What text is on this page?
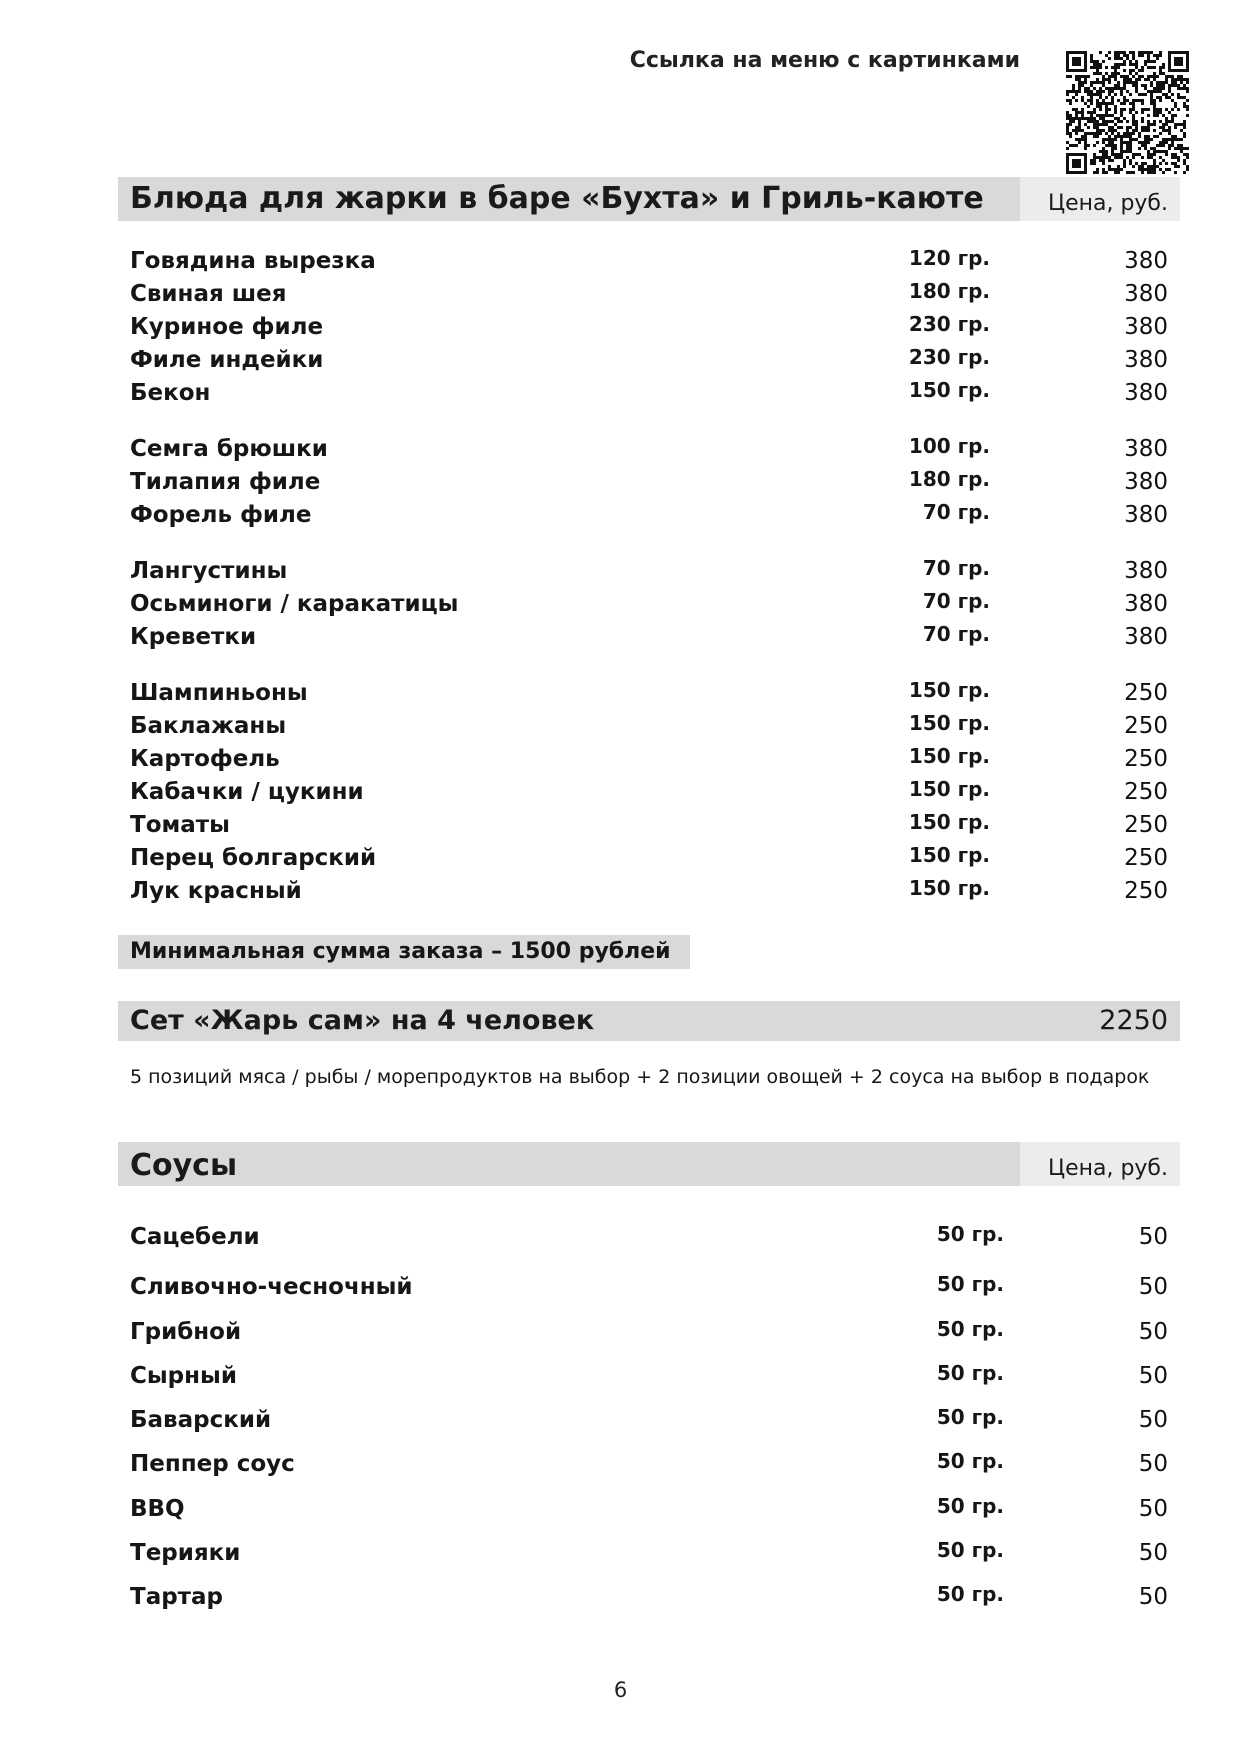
Ссылка на меню с картинками
Блюда для жарки в баре «Бухта» и Гриль-каюте	Цена, руб.
Говядина вырезка	120 гр.	380
Свиная шея	180 гр.	380
Куриное филе	230 гр.	380
Филе индейки	230 гр.	380
Бекон	150 гр.	380
Семга брюшки	100 гр.	380
Тилапия филе	180 гр.	380
Форель филе	70 гр.	380
Лангустины	70 гр.	380
Осьминоги / каракатицы	70 гр.	380
Креветки	70 гр.	380
Шампиньоны	150 гр.	250
Баклажаны	150 гр.	250
Картофель	150 гр.	250
Кабачки / цукини	150 гр.	250
Томаты	150 гр.	250
Перец болгарский	150 гр.	250
Лук красный	150 гр.	250
Минимальная сумма заказа – 1500 рублей
Сет «Жарь сам» на 4 человек	2250
5 позиций мяса / рыбы / морепродуктов на выбор + 2 позиции овощей + 2 соуса на выбор в подарок
Соусы	Цена, руб.
Сацебели	50 гр.	50
Сливочно-чесночный	50 гр.	50
Грибной	50 гр.	50
Сырный	50 гр.	50
Баварский	50 гр.	50
Пеппер соус	50 гр.	50
BBQ	50 гр.	50
Терияки	50 гр.	50
Тартар	50 гр.	50
6
